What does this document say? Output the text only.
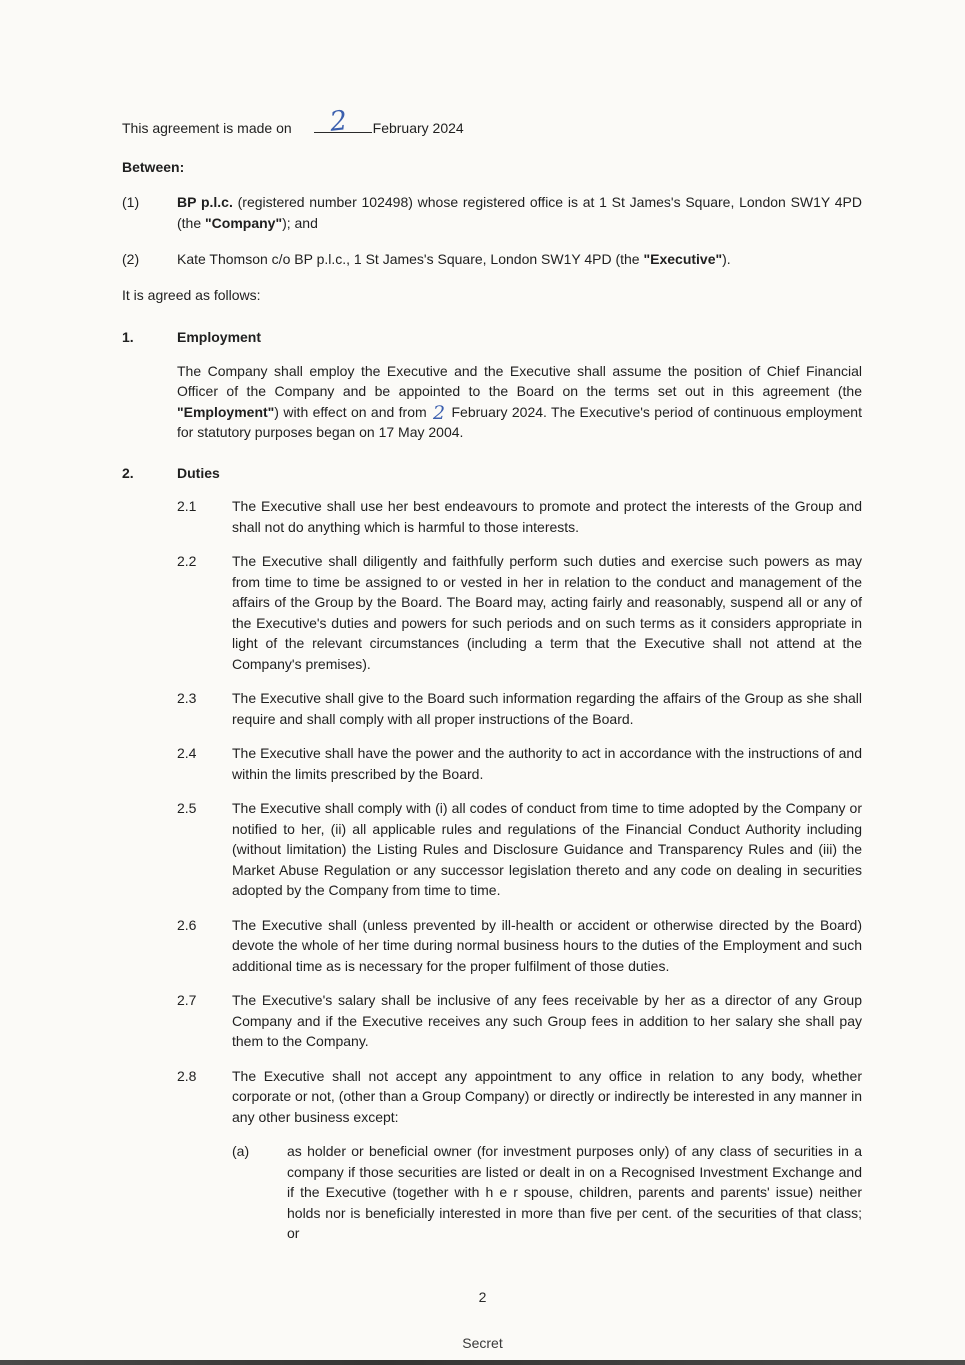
This agreement is made on 2 February 2024

Between:

(1)	BP p.l.c. (registered number 102498) whose registered office is at 1 St James's Square, London SW1Y 4PD (the "Company"); and
(2)	Kate Thomson c/o BP p.l.c., 1 St James's Square, London SW1Y 4PD (the "Executive").

It is agreed as follows:

1.	Employment
The Company shall employ the Executive and the Executive shall assume the position of Chief Financial Officer of the Company and be appointed to the Board on the terms set out in this agreement (the "Employment") with effect on and from 2 February 2024. The Executive's period of continuous employment for statutory purposes began on 17 May 2004.
2.	Duties
2.1	The Executive shall use her best endeavours to promote and protect the interests of the Group and shall not do anything which is harmful to those interests.
2.2	The Executive shall diligently and faithfully perform such duties and exercise such powers as may from time to time be assigned to or vested in her in relation to the conduct and management of the affairs of the Group by the Board. The Board may, acting fairly and reasonably, suspend all or any of the Executive's duties and powers for such periods and on such terms as it considers appropriate in light of the relevant circumstances (including a term that the Executive shall not attend at the Company's premises).
2.3	The Executive shall give to the Board such information regarding the affairs of the Group as she shall require and shall comply with all proper instructions of the Board.
2.4	The Executive shall have the power and the authority to act in accordance with the instructions of and within the limits prescribed by the Board.
2.5	The Executive shall comply with (i) all codes of conduct from time to time adopted by the Company or notified to her, (ii) all applicable rules and regulations of the Financial Conduct Authority including (without limitation) the Listing Rules and Disclosure Guidance and Transparency Rules and (iii) the Market Abuse Regulation or any successor legislation thereto and any code on dealing in securities adopted by the Company from time to time.
2.6	The Executive shall (unless prevented by ill-health or accident or otherwise directed by the Board) devote the whole of her time during normal business hours to the duties of the Employment and such additional time as is necessary for the proper fulfilment of those duties.
2.7	The Executive's salary shall be inclusive of any fees receivable by her as a director of any Group Company and if the Executive receives any such Group fees in addition to her salary she shall pay them to the Company.
2.8	The Executive shall not accept any appointment to any office in relation to any body, whether corporate or not, (other than a Group Company) or directly or indirectly be interested in any manner in any other business except:
(a)	as holder or beneficial owner (for investment purposes only) of any class of securities in a company if those securities are listed or dealt in on a Recognised Investment Exchange and if the Executive (together with h e r spouse, children, parents and parents' issue) neither holds nor is beneficially interested in more than five per cent. of the securities of that class; or
2
Secret
